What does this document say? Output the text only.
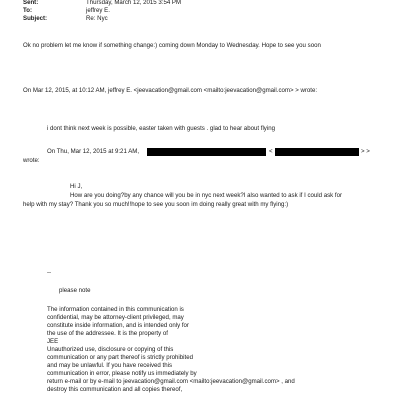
Sent:	Thursday, March 12, 2015 3:54 PM
To:	jeffrey E.
Subject:	Re: Nyc
Ok no problem let me know if something change:) coming down Monday to Wednesday. Hope to see you soon
On Mar 12, 2015, at 10:12 AM, jeffrey E. <jeevacation@gmail.com <mailto:jeevacation@gmail.com> > wrote:
i dont think next week is possible, easter taken with guests . glad to hear about flying
On Thu, Mar 12, 2015 at 9:21 AM,	<	> >
wrote:
Hi J,
How are you doing?by any chance will you be in nyc next week?I also wanted to ask if I could ask for
help with my stay? Thank you so much!!hope to see you soon im doing really great with my flying:)
--
please note
The information contained in this communication is
confidential, may be attorney-client privileged, may
constitute inside information, and is intended only for
the use of the addressee. It is the property of
JEE
Unauthorized use, disclosure or copying of this
communication or any part thereof is strictly prohibited
and may be unlawful. If you have received this
communication in error, please notify us immediately by
return e-mail or by e-mail to jeevacation@gmail.com <mailto:jeevacation@gmail.com> , and
destroy this communication and all copies thereof,
